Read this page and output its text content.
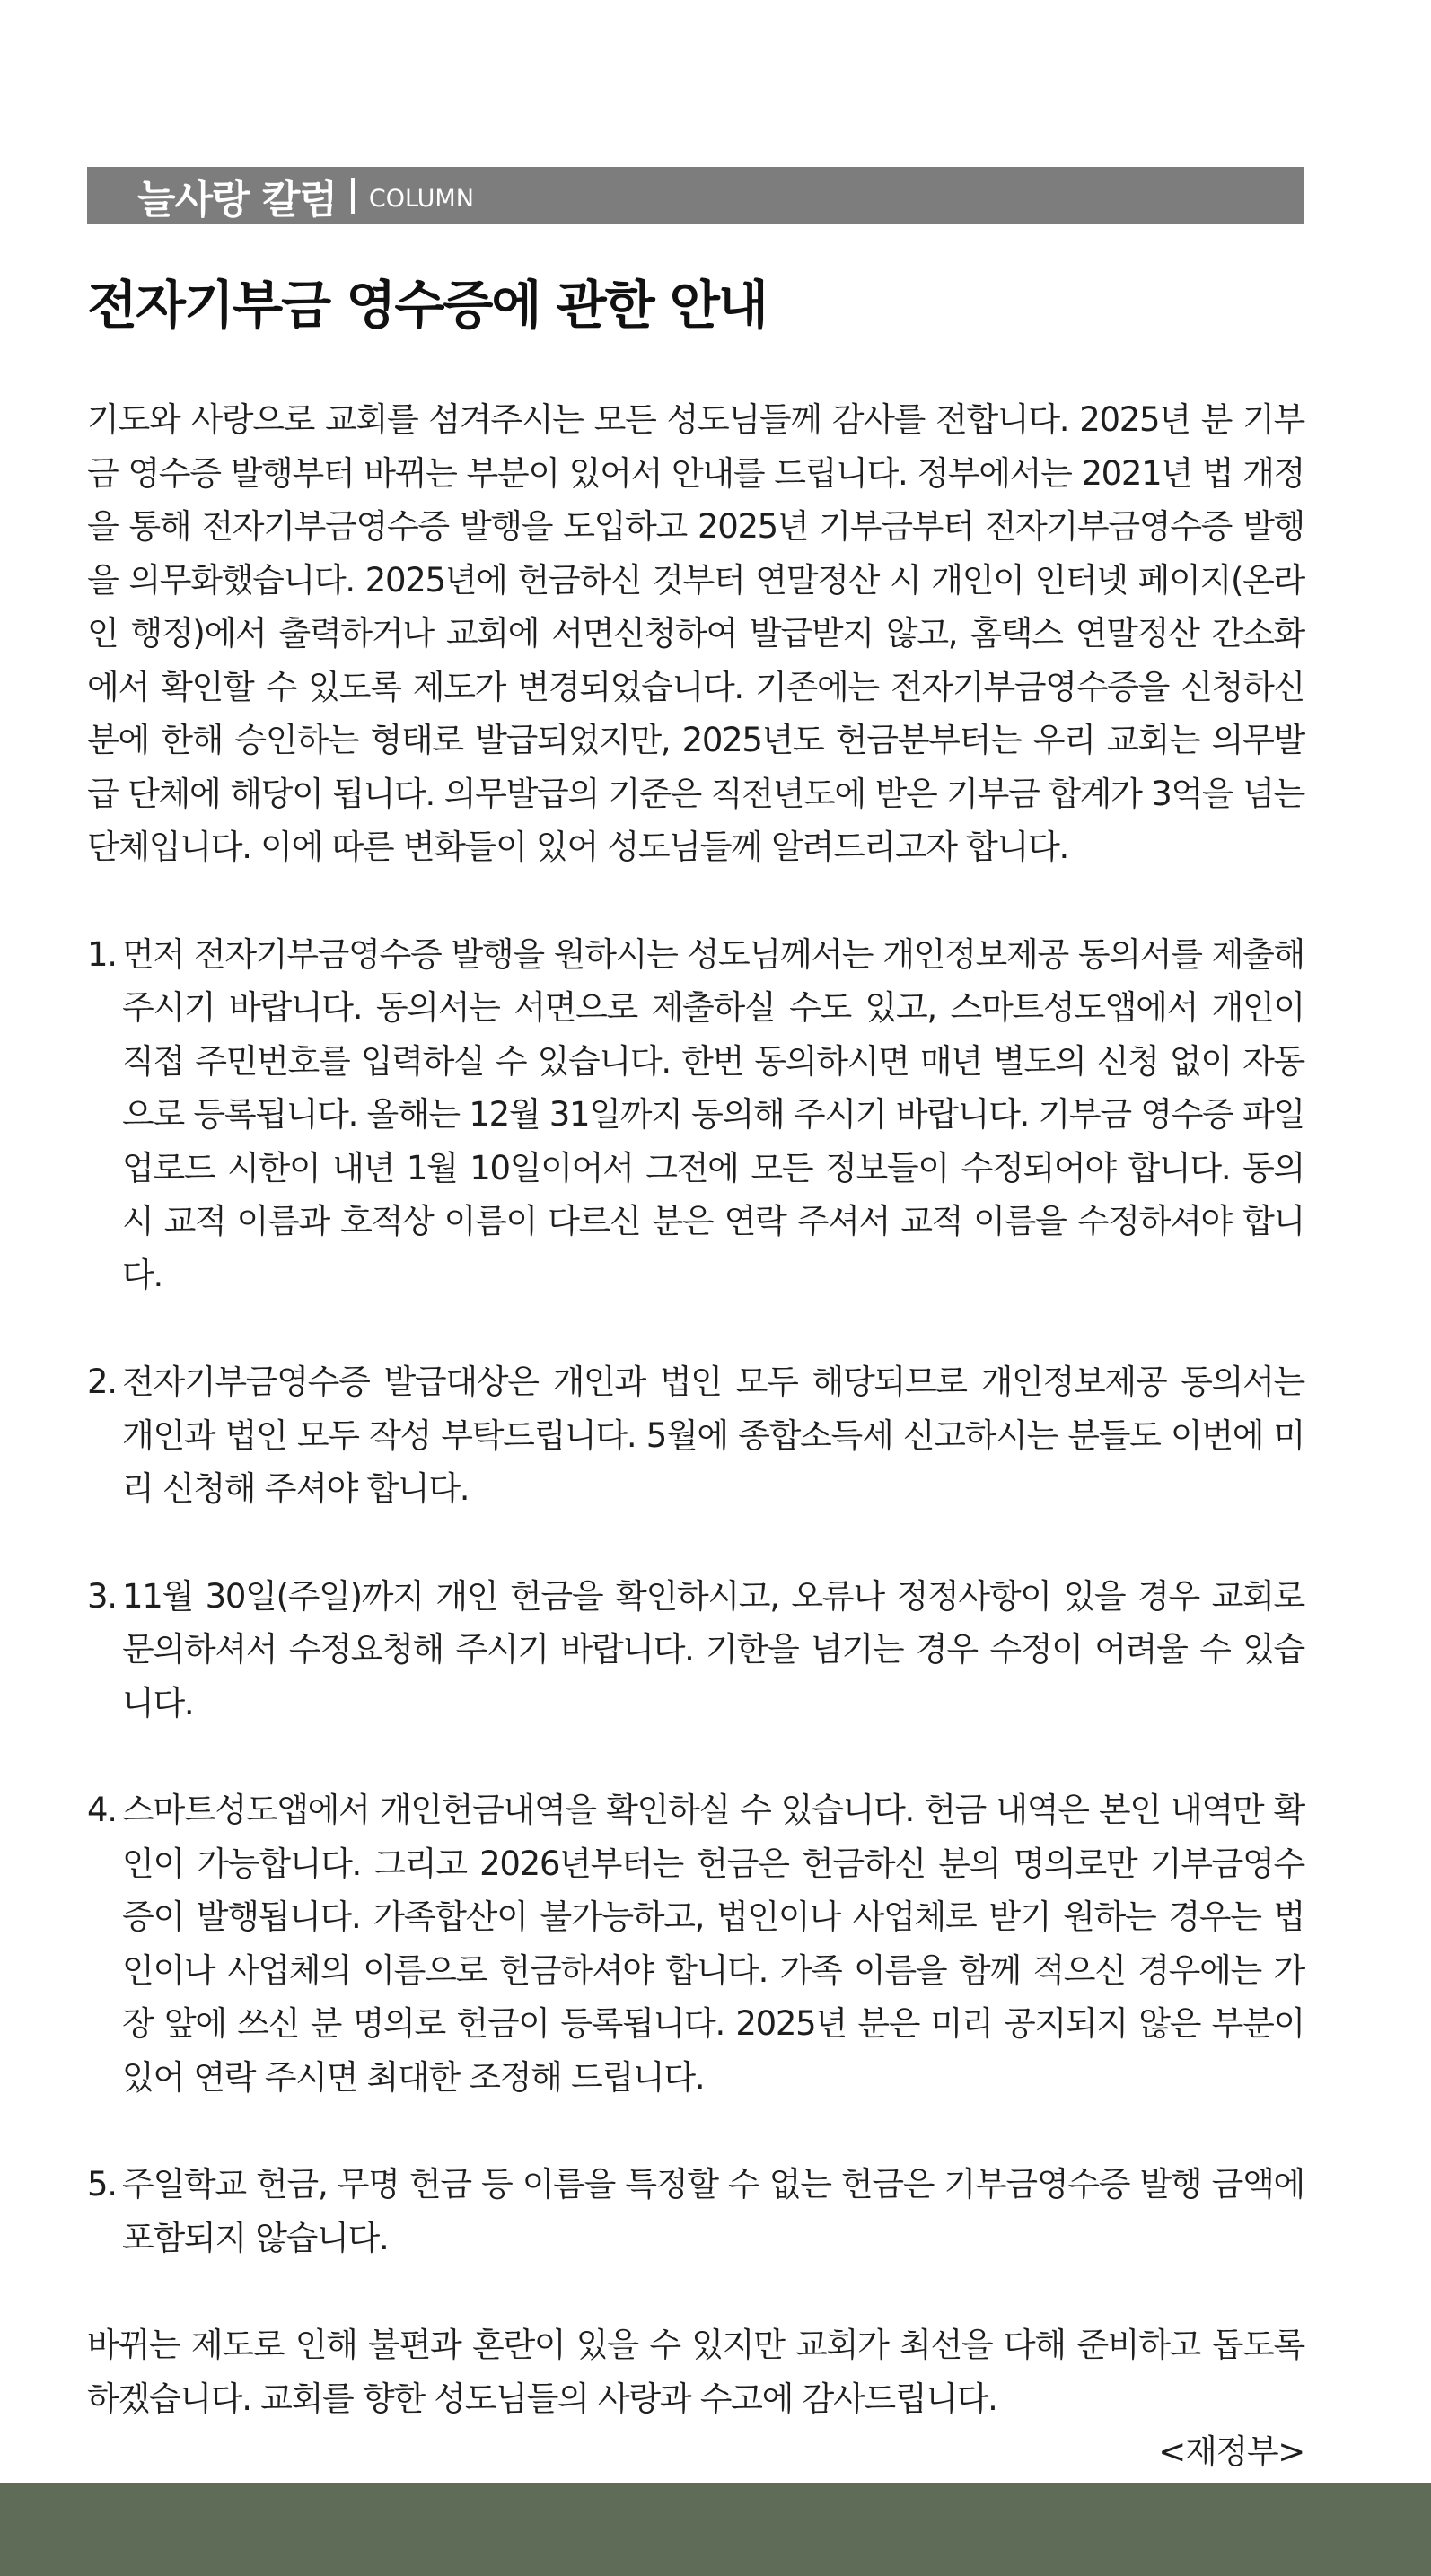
늘사랑 칼럼 COLUMN
전자기부금 영수증에 관한 안내

기도와 사랑으로 교회를 섬겨주시는 모든 성도님들께 감사를 전합니다. 2025년 분 기부금 영수증 발행부터 바뀌는 부분이 있어서 안내를 드립니다. 정부에서는 2021년 법 개정을 통해 전자기부금영수증 발행을 도입하고 2025년 기부금부터 전자기부금영수증 발행을 의무화했습니다. 2025년에 헌금하신 것부터 연말정산 시 개인이 인터넷 페이지(온라인 행정)에서 출력하거나 교회에 서면신청하여 발급받지 않고, 홈택스 연말정산 간소화에서 확인할 수 있도록 제도가 변경되었습니다. 기존에는 전자기부금영수증을 신청하신 분에 한해 승인하는 형태로 발급되었지만, 2025년도 헌금분부터는 우리 교회는 의무발급 단체에 해당이 됩니다. 의무발급의 기준은 직전년도에 받은 기부금 합계가 3억을 넘는 단체입니다. 이에 따른 변화들이 있어 성도님들께 알려드리고자 합니다.

1. 먼저 전자기부금영수증 발행을 원하시는 성도님께서는 개인정보제공 동의서를 제출해 주시기 바랍니다. 동의서는 서면으로 제출하실 수도 있고, 스마트성도앱에서 개인이 직접 주민번호를 입력하실 수 있습니다. 한번 동의하시면 매년 별도의 신청 없이 자동으로 등록됩니다. 올해는 12월 31일까지 동의해 주시기 바랍니다. 기부금 영수증 파일 업로드 시한이 내년 1월 10일이어서 그전에 모든 정보들이 수정되어야 합니다. 동의 시 교적 이름과 호적상 이름이 다르신 분은 연락 주셔서 교적 이름을 수정하셔야 합니다.
2. 전자기부금영수증 발급대상은 개인과 법인 모두 해당되므로 개인정보제공 동의서는 개인과 법인 모두 작성 부탁드립니다. 5월에 종합소득세 신고하시는 분들도 이번에 미리 신청해 주셔야 합니다.
3. 11월 30일(주일)까지 개인 헌금을 확인하시고, 오류나 정정사항이 있을 경우 교회로 문의하셔서 수정요청해 주시기 바랍니다. 기한을 넘기는 경우 수정이 어려울 수 있습니다.
4. 스마트성도앱에서 개인헌금내역을 확인하실 수 있습니다. 헌금 내역은 본인 내역만 확인이 가능합니다. 그리고 2026년부터는 헌금은 헌금하신 분의 명의로만 기부금영수증이 발행됩니다. 가족합산이 불가능하고, 법인이나 사업체로 받기 원하는 경우는 법인이나 사업체의 이름으로 헌금하셔야 합니다. 가족 이름을 함께 적으신 경우에는 가장 앞에 쓰신 분 명의로 헌금이 등록됩니다. 2025년 분은 미리 공지되지 않은 부분이 있어 연락 주시면 최대한 조정해 드립니다.
5. 주일학교 헌금, 무명 헌금 등 이름을 특정할 수 없는 헌금은 기부금영수증 발행 금액에 포함되지 않습니다.

바뀌는 제도로 인해 불편과 혼란이 있을 수 있지만 교회가 최선을 다해 준비하고 돕도록 하겠습니다. 교회를 향한 성도님들의 사랑과 수고에 감사드립니다.

<재정부>
